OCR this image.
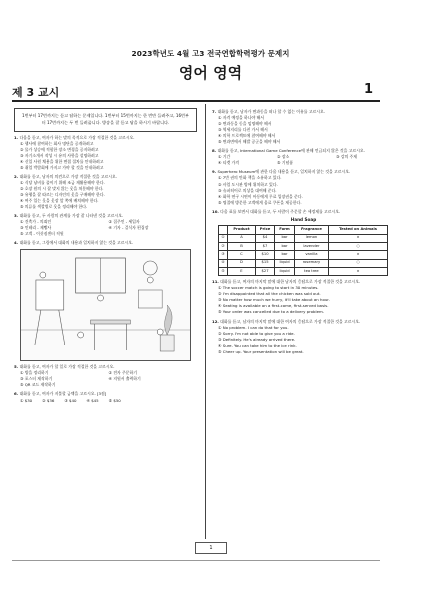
2023학년도 4월 고3 전국연합학력평가 문제지
영어 영역
제 3 교시	1
1번부터 17번까지는 듣고 답하는 문제입니다. 1번부터 15번까지는 한 번만 들려주고, 16번부터 17번까지는 두 번 들려줍니다. 방송을 잘 듣고 답을 하시기 바랍니다.
1. 다음을 듣고, 여자가 하는 말의 목적으로 가장 적절한 것을 고르시오.
① 행사에 참여하는 회사 명단을 공개하려고
② 물가 상승에 적합한 장소 변경을 공지하려고
③ 자기소개서 작성 시 유의 사항을 설명하려고
④ 신입 사원 채용을 위한 면접 절차를 안내하려고
⑤ 취업 박람회에 가지고 가야 할 것을 안내하려고
2. 대화를 듣고, 남자의 의견으로 가장 적절한 것을 고르시오.
① 식당 낭비를 줄이기 위해 조금 재활용해야 한다.
② 호장 원의 시 잘 맞지 않는 옷을 처분해야 한다.
③ 유행을 잘 따르는 디자인의 옷을 구매해야 한다.
④ 여주 입는 옷을 옷장 앞 쪽에 배치해야 한다.
⑤ 의류를 색깔별로 옷을 정리해야 한다.
3. 대화를 듣고, 두 사람의 관계를 가장 잘 나타낸 것을 고르시오.
① 건축가 - 의뢰인	② 집주인 - 세입자
③ 인테리 - 제빵사	④ 기자 - 걸식자 편집장
⑤ 고객 - 이삿짐센터 직원
4. 대화를 듣고, 그림에서 대화의 내용과 일치하지 않는 것을 고르시오.
5. 대화를 듣고, 여자가 할 일로 가장 적절한 것을 고르시오.
① 방을 정리하기	② 전자 주문하기
③ 포스터 제작하기	④ 지원서 출력하기
⑤ QR 코드 제작하기
6. 대화를 듣고, 여자가 지불할 금액을 고르시오. [3점]
① $30	② $36	③ $40	④ $45	⑤ $50
7. 대화를 듣고, 남자가 면과동을 떠나 할 수 없는 이유를 고르시오.
① 자격 예정을 하나야 해서
② 면과동을 동을 임명해야 해서
③ 역세지리를 다친 가서 해서
④ 의학 프로젝트에 참여해야 해서
⑤ 면과면에서 해발 공군을 해야 해서
8. 대화를 듣고, International Game Conference에 관해 언급되지 않은 것을 고르시오.
① 기간	② 장소	③ 강의 주제
④ 티켓 가격	⑤ 기념품
9. Superhero Museum에 관한 다음 내용을 듣고, 일치하지 않는 것을 고르시오.
① 7만 권의 만화 책을 소유하고 있다.
② 사업 도시관 방에 위치하고 있다.
③ 슈퍼히어로 의상을 대여해 준다.
④ 화학 연구 시연이 아동에게 무료 입장권을 준다.
⑤ 명절에 방문한 고객에게 음료 쿠폰을 제공한다.
10. 다음 표를 보면서 대화를 듣고, 두 사람이 주문할 손 세정제를 고르시오.
Hand Soap
	Product	Price	Form	Fragrance	Tested on Animals
①	A	$4	bar	lemon	×
②	B	$7	bar	lavender	○
③	C	$10	bar	vanilla	×
④	D	$15	liquid	rosemary	○
⑤	E	$27	liquid	tea tree	×
11. 대화를 듣고, 여자의 마지막 말에 대한 남자의 응답으로 가장 적절한 것을 고르시오.
① The soccer match is going to start in 30 minutes.
② I'm disappointed that all the chicken was sold out.
③ No matter how much we hurry, it'll take about an hour.
④ Seating is available on a first-come, first-served basis.
⑤ Your order was cancelled due to a delivery problem.
12. 대화를 듣고, 남자의 마지막 말에 대한 여자의 응답으로 가장 적절한 것을 고르시오.
① No problem. I can do that for you.
② Sorry. I'm not able to give you a ride.
③ Definitely. He's already arrived there.
④ Sure. You can take him to the ice rink.
⑤ Cheer up. Your presentation will be great.
1
